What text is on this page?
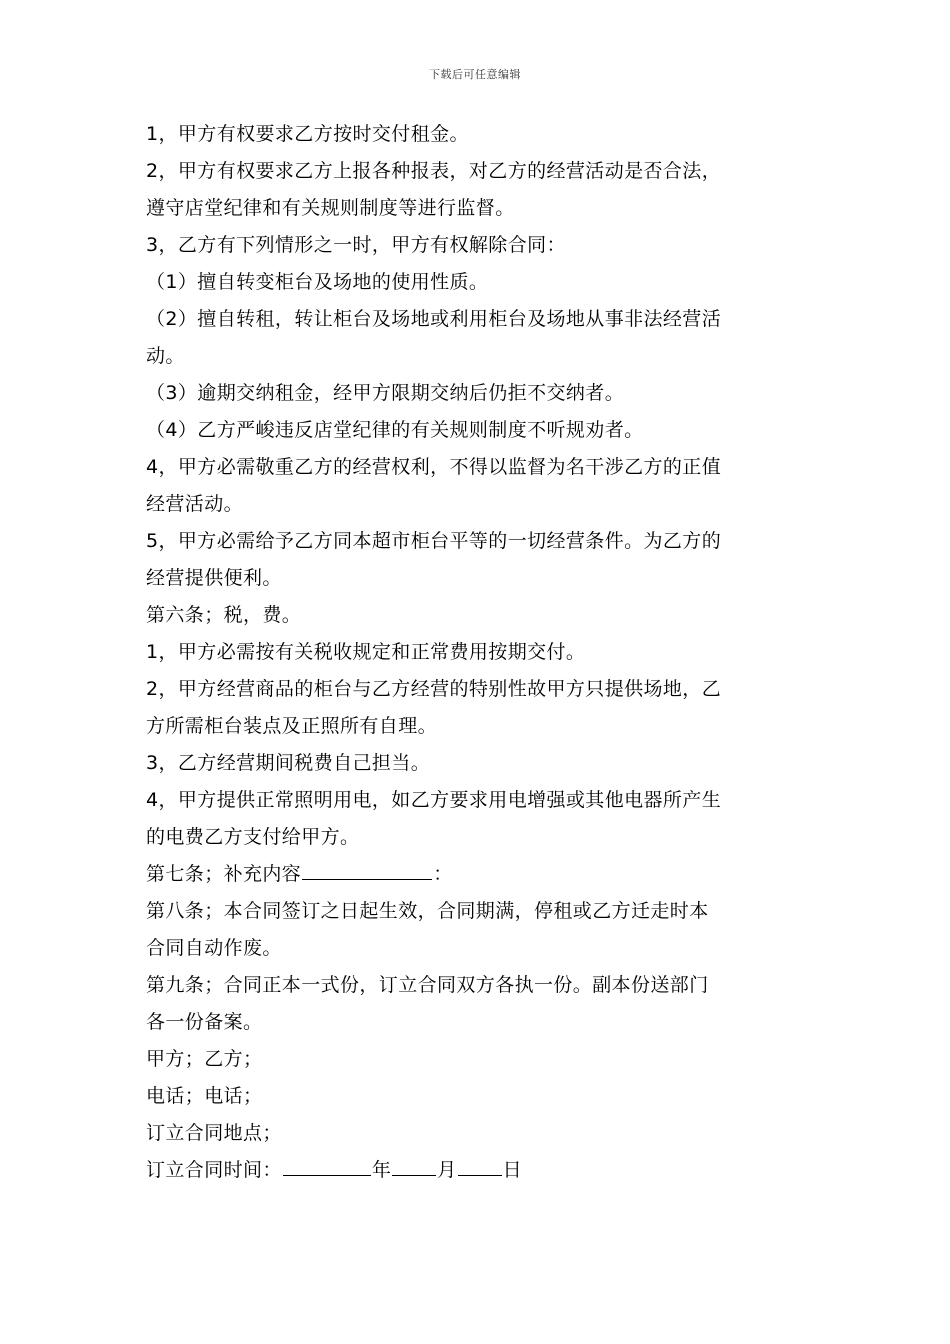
下载后可任意编辑
1，甲方有权要求乙方按时交付租金。
2，甲方有权要求乙方上报各种报表，对乙方的经营活动是否合法，
遵守店堂纪律和有关规则制度等进行监督。
3，乙方有下列情形之一时，甲方有权解除合同：
（1）擅自转变柜台及场地的使用性质。
（2）擅自转租，转让柜台及场地或利用柜台及场地从事非法经营活
动。
（3）逾期交纳租金，经甲方限期交纳后仍拒不交纳者。
（4）乙方严峻违反店堂纪律的有关规则制度不听规劝者。
4，甲方必需敬重乙方的经营权利，不得以监督为名干涉乙方的正值
经营活动。
5，甲方必需给予乙方同本超市柜台平等的一切经营条件。为乙方的
经营提供便利。
第六条；税，费。
1，甲方必需按有关税收规定和正常费用按期交付。
2，甲方经营商品的柜台与乙方经营的特别性故甲方只提供场地，乙
方所需柜台装点及正照所有自理。
3，乙方经营期间税费自己担当。
4，甲方提供正常照明用电，如乙方要求用电增强或其他电器所产生
的电费乙方支付给甲方。
第七条；补充内容	：
第八条；本合同签订之日起生效，合同期满，停租或乙方迁走时本
合同自动作废。
第九条；合同正本一式份，订立合同双方各执一份。副本份送部门
各一份备案。
甲方；乙方；
电话；电话；
订立合同地点；
订立合同时间：	年 月 日
